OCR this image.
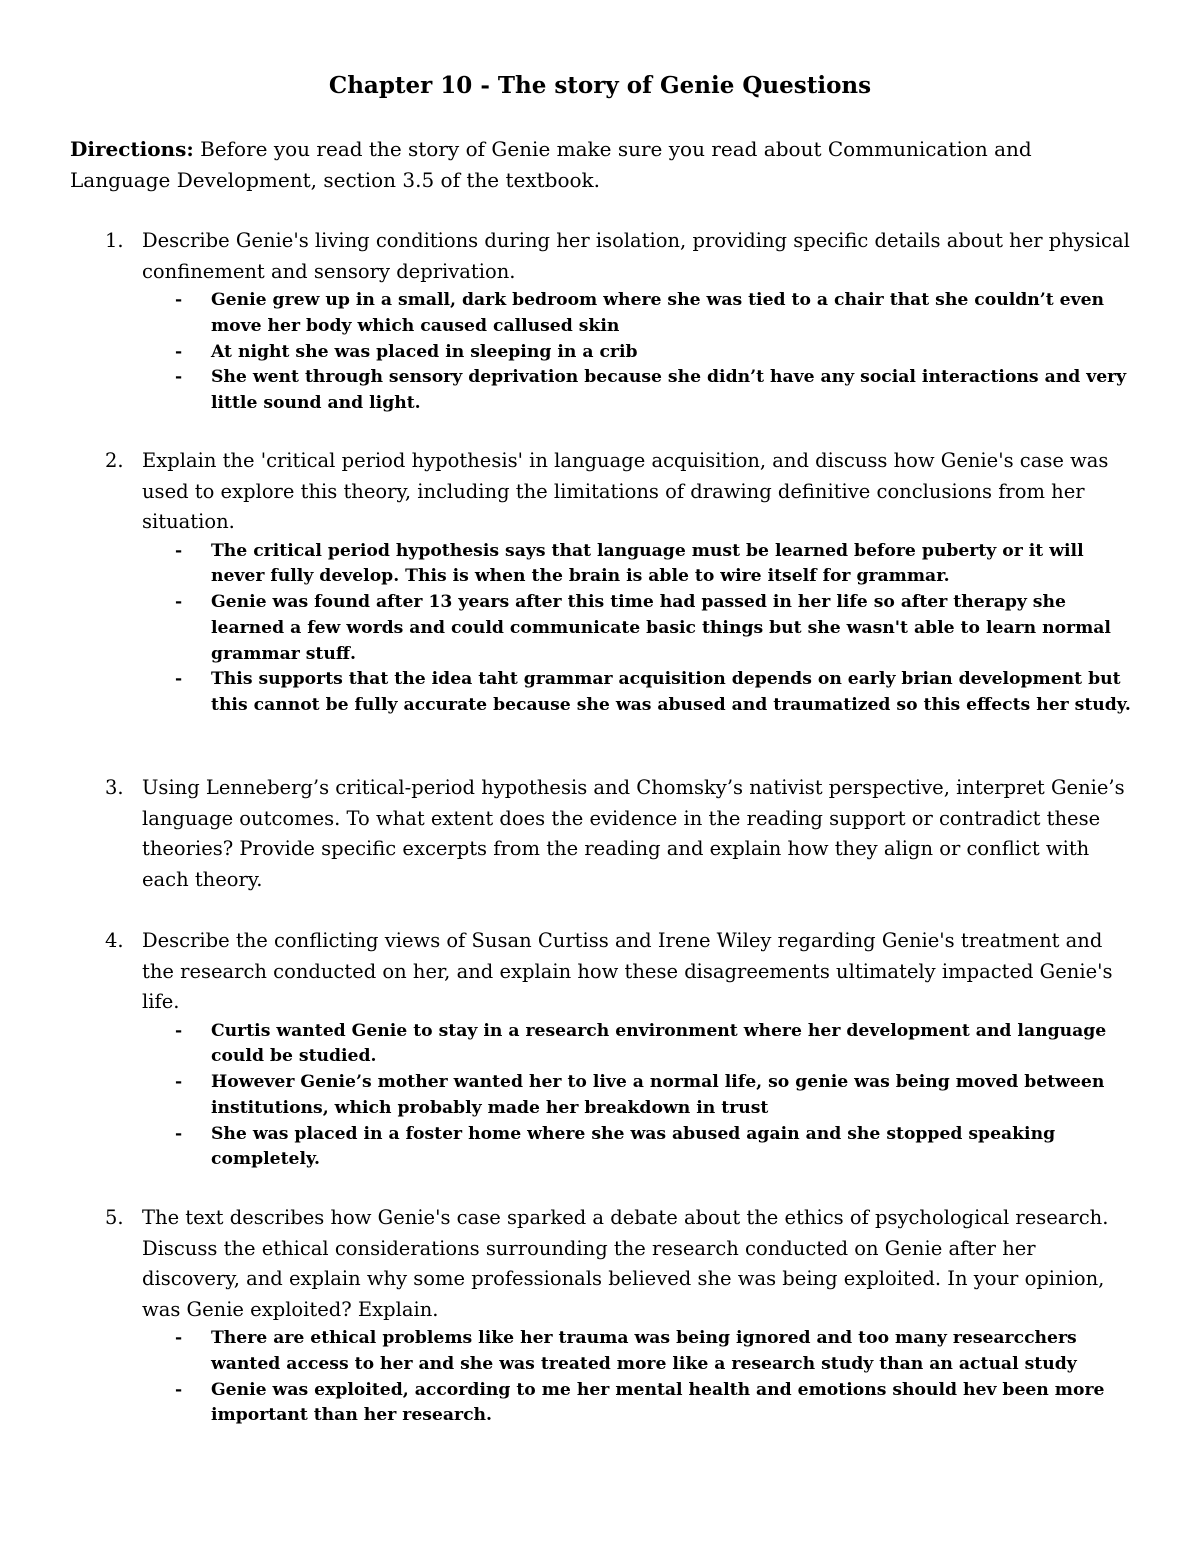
Chapter 10 - The story of Genie Questions

Directions: Before you read the story of Genie make sure you read about Communication and Language Development, section 3.5 of the textbook.

1. Describe Genie's living conditions during her isolation, providing specific details about her physical confinement and sensory deprivation.

- Genie grew up in a small, dark bedroom where she was tied to a chair that she couldn’t even move her body which caused callused skin
- At night she was placed in sleeping in a crib
- She went through sensory deprivation because she didn’t have any social interactions and very little sound and light.

2. Explain the 'critical period hypothesis' in language acquisition, and discuss how Genie's case was used to explore this theory, including the limitations of drawing definitive conclusions from her situation.

- The critical period hypothesis says that language must be learned before puberty or it will never fully develop. This is when the brain is able to wire itself for grammar.
- Genie was found after 13 years after this time had passed in her life so after therapy she learned a few words and could communicate basic things but she wasn't able to learn normal grammar stuff.
- This supports that the idea taht grammar acquisition depends on early brian development but this cannot be fully accurate because she was abused and traumatized so this effects her study.

3. Using Lenneberg’s critical-period hypothesis and Chomsky’s nativist perspective, interpret Genie’s language outcomes. To what extent does the evidence in the reading support or contradict these theories? Provide specific excerpts from the reading and explain how they align or conflict with each theory.

4. Describe the conflicting views of Susan Curtiss and Irene Wiley regarding Genie's treatment and the research conducted on her, and explain how these disagreements ultimately impacted Genie's life.

- Curtis wanted Genie to stay in a research environment where her development and language could be studied.
- However Genie’s mother wanted her to live a normal life, so genie was being moved between institutions, which probably made her breakdown in trust
- She was placed in a foster home where she was abused again and she stopped speaking completely.

5. The text describes how Genie's case sparked a debate about the ethics of psychological research. Discuss the ethical considerations surrounding the research conducted on Genie after her discovery, and explain why some professionals believed she was being exploited. In your opinion, was Genie exploited? Explain.

- There are ethical problems like her trauma was being ignored and too many researcchers wanted access to her and she was treated more like a research study than an actual study
- Genie was exploited, according to me her mental health and emotions should hev been more important than her research.
